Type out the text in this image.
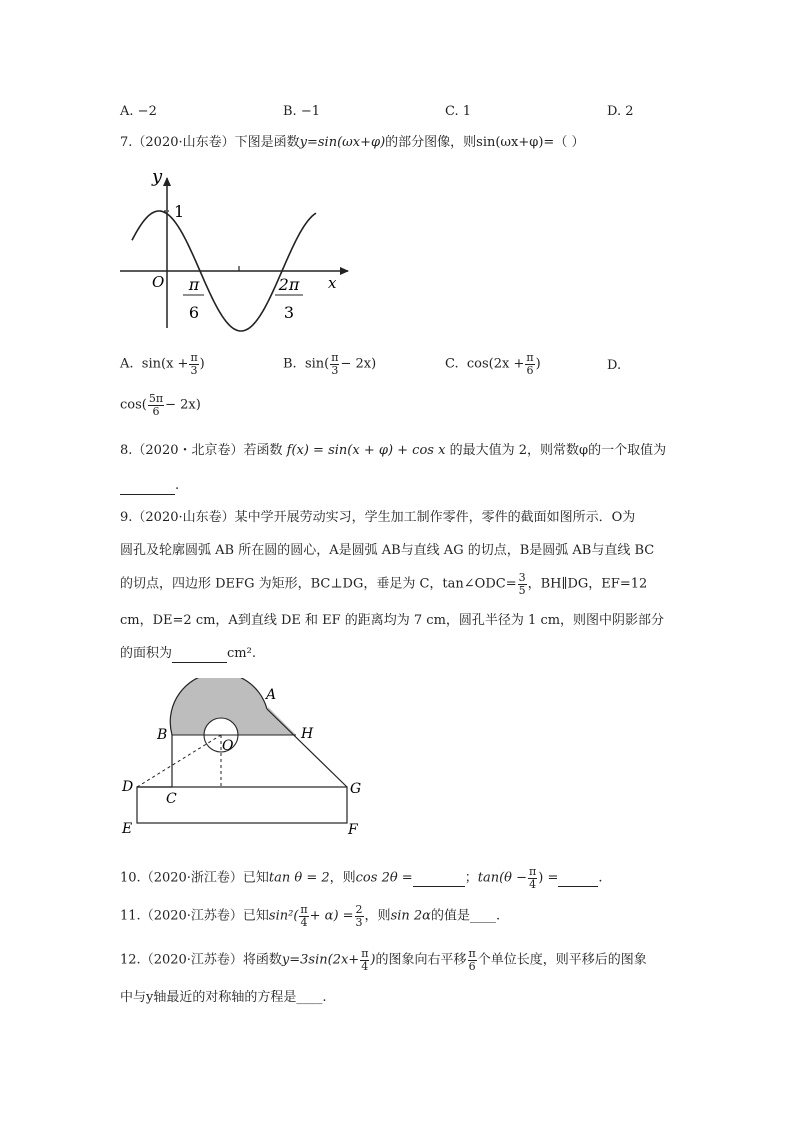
A. −2	B. −1	C. 1	D. 2
7.（2020·山东卷）下图是函数y=sin(ωx+φ)的部分图像，则sin(ωx+φ)=（ ）
y
1
O	x
π
6
2π
3
A. $\sin(x + \frac{\pi}{3}$ )	B. $\sin( \frac{\pi}{3} - 2x)$	C. $\cos(2x + \frac{\pi}{6}$ )	D.
$\cos( \frac{5\pi}{6} - 2x)$
8.（2020・北京卷）若函数 f(x) = sin(x + φ) + cos x 的最大值为 2，则常数φ的一个取值为
.
9.（2020·山东卷）某中学开展劳动实习，学生加工制作零件，零件的截面如图所示．O为
圆孔及轮廓圆弧 AB 所在圆的圆心，A是圆弧 AB与直线 AG 的切点，B是圆弧 AB与直线 BC
的切点，四边形 DEFG 为矩形，BC⊥DG，垂足为 C，tan∠ODC= $\frac{3}{5}$ ，BH∥DG，EF=12
cm，DE=2 cm，A到直线 DE 和 EF 的距离均为 7 cm，圆孔半径为 1 cm，则图中阴影部分
的面积为	cm².
A
B	H
O
D
C
G
E	F
10.（2020·浙江卷）已知tan θ = 2，则cos 2θ =	；$\tan(\theta - \frac{\pi}{4}$ ) =	.
11.（2020·江苏卷）已知$\sin^2( \frac{\pi}{4} + \alpha) = \frac{2}{3}$ ，则sin 2α的值是____.
12.（2020·江苏卷）将函数$y=3\sin(2x+ \frac{\pi}{4}$ )的图象向右平移 $\frac{\pi}{6}$ 个单位长度，则平移后的图象
中与y轴最近的对称轴的方程是____.
